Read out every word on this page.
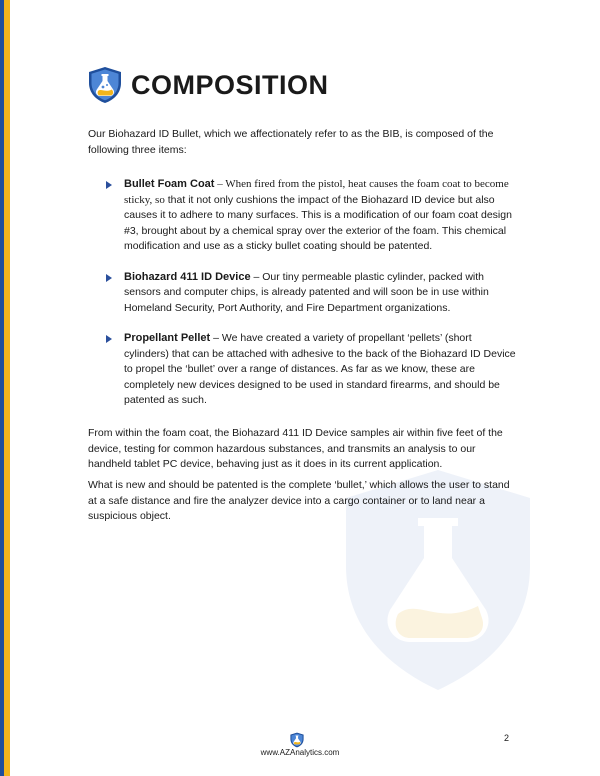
COMPOSITION
Our Biohazard ID Bullet, which we affectionately refer to as the BIB, is composed of the following three items:
Bullet Foam Coat – When fired from the pistol, heat causes the foam coat to become sticky, so that it not only cushions the impact of the Biohazard ID device but also causes it to adhere to many surfaces. This is a modification of our foam coat design #3, brought about by a chemical spray over the exterior of the foam. This chemical modification and use as a sticky bullet coating should be patented.
Biohazard 411 ID Device – Our tiny permeable plastic cylinder, packed with sensors and computer chips, is already patented and will soon be in use within Homeland Security, Port Authority, and Fire Department organizations.
Propellant Pellet – We have created a variety of propellant ‘pellets’ (short cylinders) that can be attached with adhesive to the back of the Biohazard ID Device to propel the ‘bullet’ over a range of distances. As far as we know, these are completely new devices designed to be used in standard firearms, and should be patented as such.
From within the foam coat, the Biohazard 411 ID Device samples air within five feet of the device, testing for common hazardous substances, and transmits an analysis to our handheld tablet PC device, behaving just as it does in its current application.
What is new and should be patented is the complete ‘bullet,’ which allows the user to stand at a safe distance and fire the analyzer device into a cargo container or to land near a suspicious object.
www.AZAnalytics.com
2
